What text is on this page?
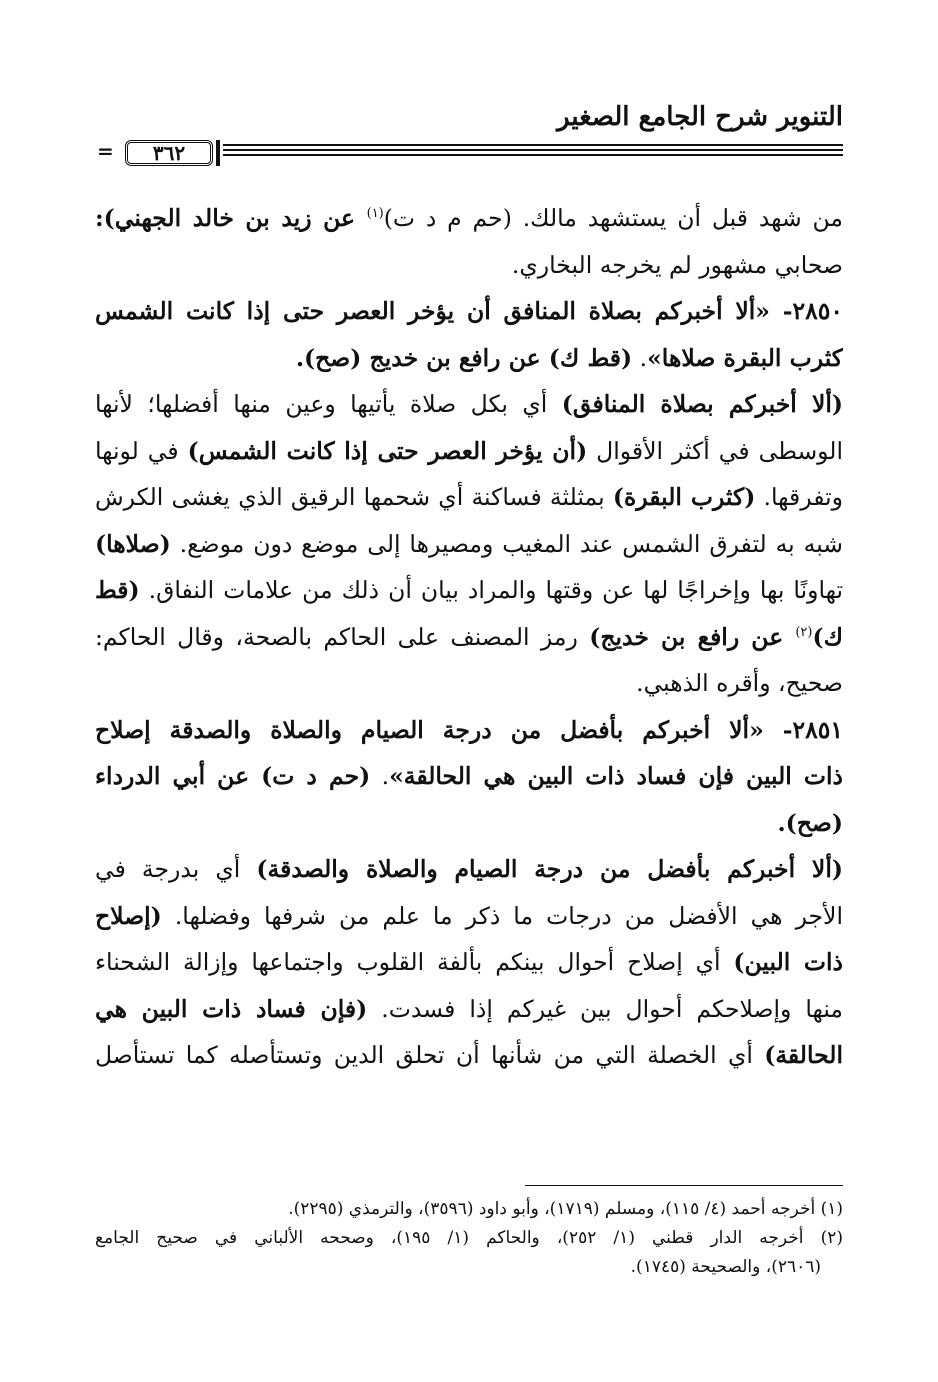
التنوير شرح الجامع الصغير
٣٦٢
=
من شهد قبل أن يستشهد مالك. (حم م د ت)$^{(١)}$ عن زيد بن خالد الجهني):
صحابي مشهور لم يخرجه البخاري.
٢٨٥٠- «ألا أخبركم بصلاة المنافق أن يؤخر العصر حتى إذا كانت الشمس
كثرب البقرة صلاها». (قط ك) عن رافع بن خديج (صح).
(ألا أخبركم بصلاة المنافق) أي بكل صلاة يأتيها وعين منها أفضلها؛ لأنها
الوسطى في أكثر الأقوال (أن يؤخر العصر حتى إذا كانت الشمس) في لونها
وتفرقها. (كثرب البقرة) بمثلثة فساكنة أي شحمها الرقيق الذي يغشى الكرش
شبه به لتفرق الشمس عند المغيب ومصيرها إلى موضع دون موضع. (صلاها)
تهاونًا بها وإخراجًا لها عن وقتها والمراد بيان أن ذلك من علامات النفاق. (قط
ك)$^{(٢)}$ عن رافع بن خديج) رمز المصنف على الحاكم بالصحة، وقال الحاكم:
صحيح، وأقره الذهبي.
٢٨٥١- «ألا أخبركم بأفضل من درجة الصيام والصلاة والصدقة إصلاح
ذات البين فإن فساد ذات البين هي الحالقة». (حم د ت) عن أبي الدرداء
(صح).
(ألا أخبركم بأفضل من درجة الصيام والصلاة والصدقة) أي بدرجة في
الأجر هي الأفضل من درجات ما ذكر ما علم من شرفها وفضلها. (إصلاح
ذات البين) أي إصلاح أحوال بينكم بألفة القلوب واجتماعها وإزالة الشحناء
منها وإصلاحكم أحوال بين غيركم إذا فسدت. (فإن فساد ذات البين هي
الحالقة) أي الخصلة التي من شأنها أن تحلق الدين وتستأصله كما تستأصل
(١) أخرجه أحمد (٤/ ١١٥)، ومسلم (١٧١٩)، وأبو داود (٣٥٩٦)، والترمذي (٢٢٩٥).
(٢) أخرجه الدار قطني (١/ ٢٥٢)، والحاكم (١/ ١٩٥)، وصححه الألباني في صحيح الجامع
(٢٦٠٦)، والصحيحة (١٧٤٥).
